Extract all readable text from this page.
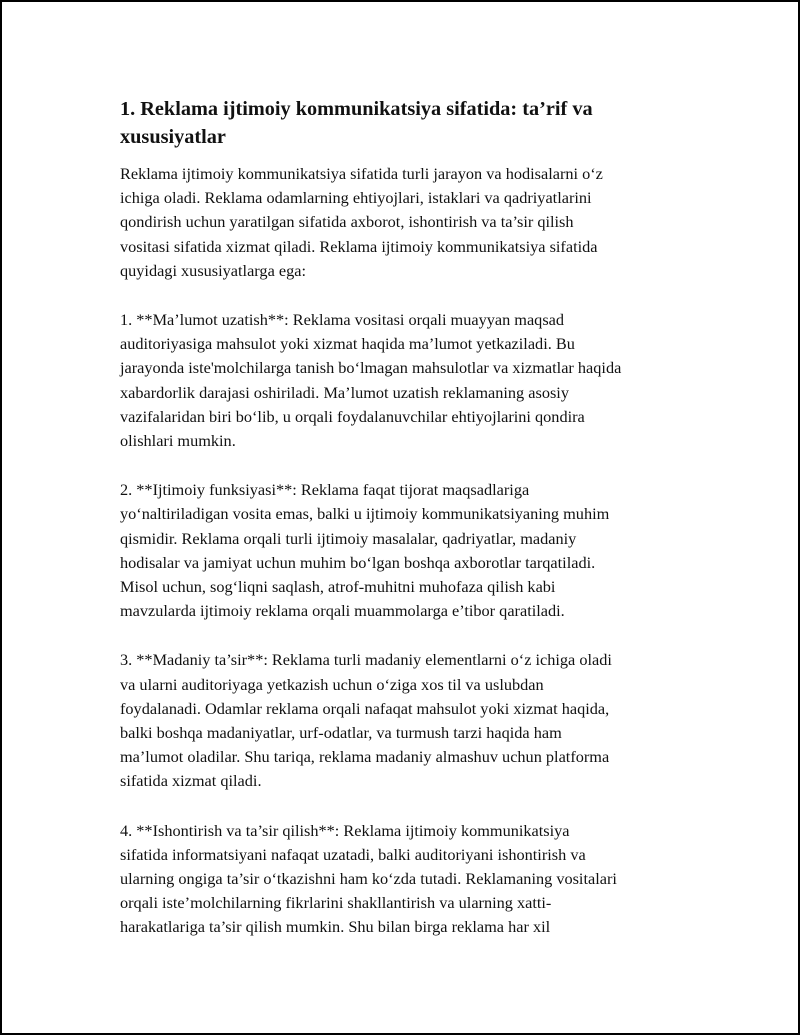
1. Reklama ijtimoiy kommunikatsiya sifatida: ta’rif va
xususiyatlar

Reklama ijtimoiy kommunikatsiya sifatida turli jarayon va hodisalarni o‘z
ichiga oladi. Reklama odamlarning ehtiyojlari, istaklari va qadriyatlarini
qondirish uchun yaratilgan sifatida axborot, ishontirish va ta’sir qilish
vositasi sifatida xizmat qiladi. Reklama ijtimoiy kommunikatsiya sifatida
quyidagi xususiyatlarga ega:

1. **Ma’lumot uzatish**: Reklama vositasi orqali muayyan maqsad
auditoriyasiga mahsulot yoki xizmat haqida ma’lumot yetkaziladi. Bu
jarayonda iste'molchilarga tanish bo‘lmagan mahsulotlar va xizmatlar haqida
xabardorlik darajasi oshiriladi. Ma’lumot uzatish reklamaning asosiy
vazifalaridan biri bo‘lib, u orqali foydalanuvchilar ehtiyojlarini qondira
olishlari mumkin.

2. **Ijtimoiy funksiyasi**: Reklama faqat tijorat maqsadlariga
yo‘naltiriladigan vosita emas, balki u ijtimoiy kommunikatsiyaning muhim
qismidir. Reklama orqali turli ijtimoiy masalalar, qadriyatlar, madaniy
hodisalar va jamiyat uchun muhim bo‘lgan boshqa axborotlar tarqatiladi.
Misol uchun, sog‘liqni saqlash, atrof-muhitni muhofaza qilish kabi
mavzularda ijtimoiy reklama orqali muammolarga e’tibor qaratiladi.

3. **Madaniy ta’sir**: Reklama turli madaniy elementlarni o‘z ichiga oladi
va ularni auditoriyaga yetkazish uchun o‘ziga xos til va uslubdan
foydalanadi. Odamlar reklama orqali nafaqat mahsulot yoki xizmat haqida,
balki boshqa madaniyatlar, urf-odatlar, va turmush tarzi haqida ham
ma’lumot oladilar. Shu tariqa, reklama madaniy almashuv uchun platforma
sifatida xizmat qiladi.

4. **Ishontirish va ta’sir qilish**: Reklama ijtimoiy kommunikatsiya
sifatida informatsiyani nafaqat uzatadi, balki auditoriyani ishontirish va
ularning ongiga ta’sir o‘tkazishni ham ko‘zda tutadi. Reklamaning vositalari
orqali iste’molchilarning fikrlarini shakllantirish va ularning xatti-
harakatlariga ta’sir qilish mumkin. Shu bilan birga reklama har xil
